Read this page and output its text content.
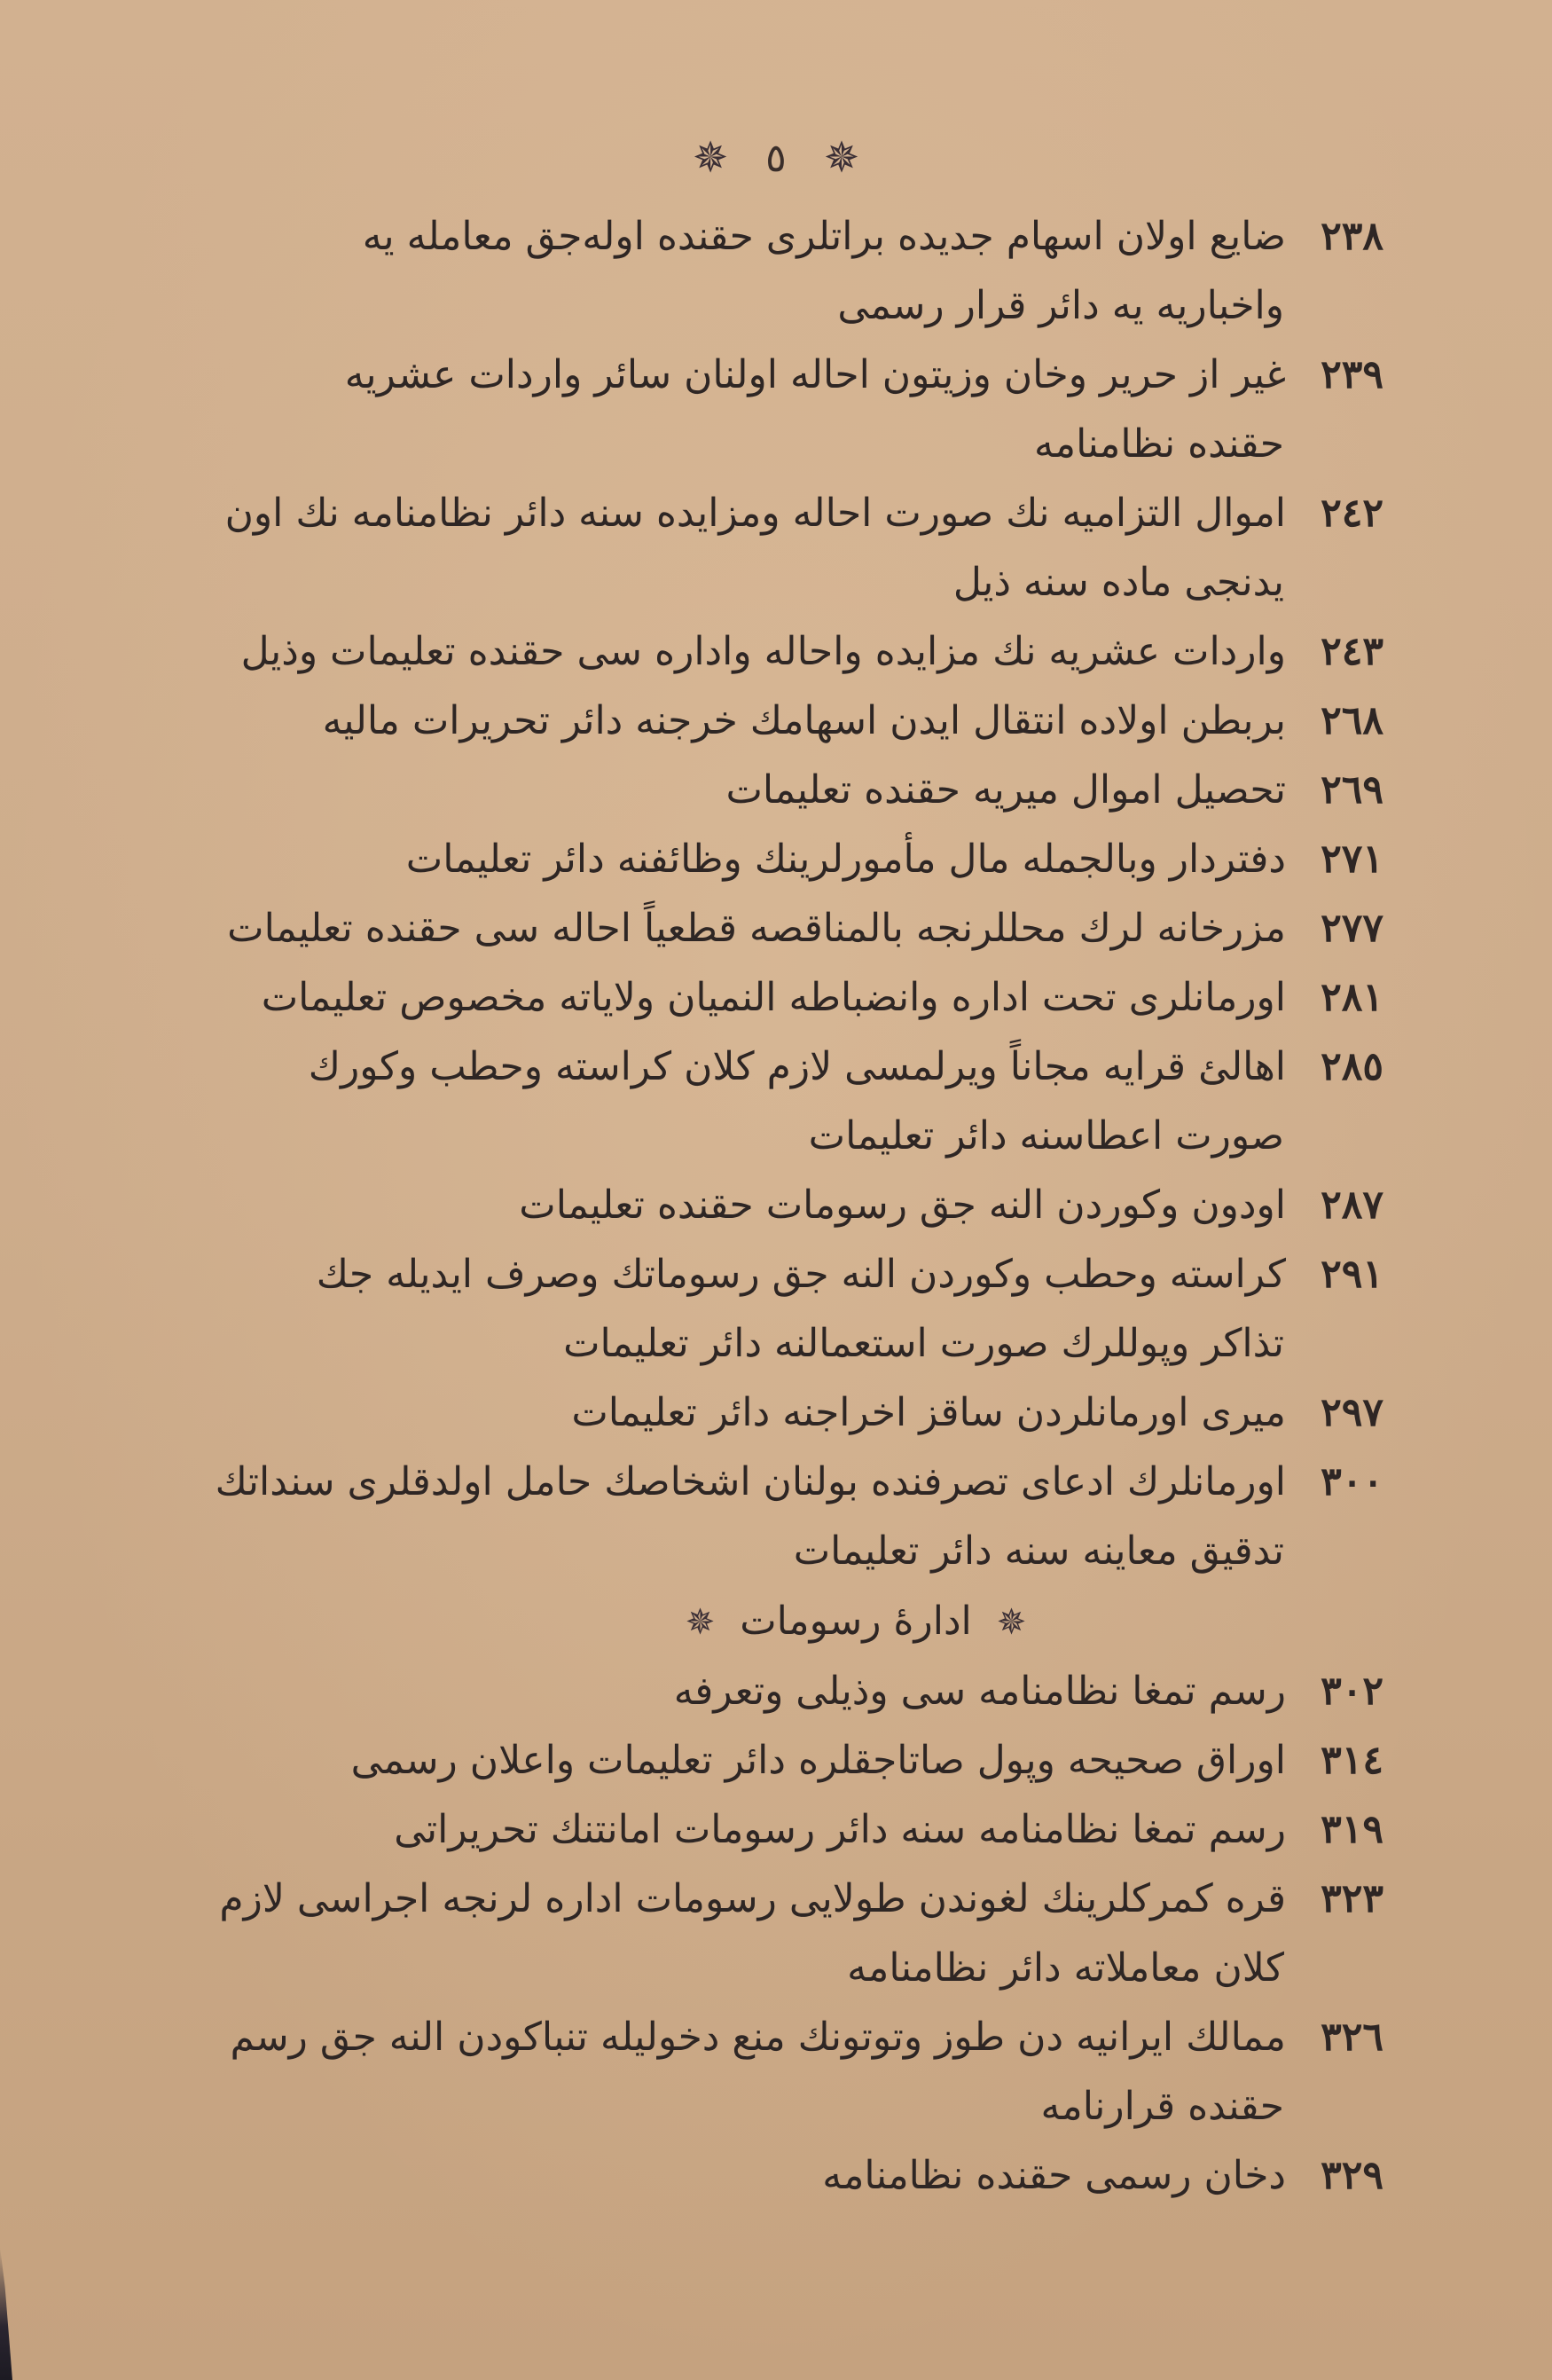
✵ ٥ ✵
٢٣٨ ضايع اولان اسهام جديده براتلرى حقنده اولەجق معامله يه
واخباريه يه دائر قرار رسمى
٢٣٩ غير از حرير وخان وزيتون احاله اولنان سائر واردات عشريه
حقنده نظامنامه
٢٤٢ اموال التزاميه نك صورت احاله ومزايده سنه دائر نظامنامه نك اون
يدنجى ماده سنه ذيل
٢٤٣ واردات عشريه نك مزايده واحاله واداره سى حقنده تعليمات وذيل
٢٦٨ بربطن اولاده انتقال ايدن اسهامك خرجنه دائر تحريرات ماليه
٢٦٩ تحصيل اموال ميريه حقنده تعليمات
٢٧١ دفتردار وبالجمله مال مأمورلرينك وظائفنه دائر تعليمات
٢٧٧ مزرخانه لرك محللرنجه بالمناقصه قطعياً احاله سى حقنده تعليمات
٢٨١ اورمانلرى تحت اداره وانضباطه النميان ولاياته مخصوص تعليمات
٢٨٥ اهالئ قرايه مجاناً ويرلمسى لازم كلان كراسته وحطب وكورك
صورت اعطاسنه دائر تعليمات
٢٨٧ اودون وكوردن النه جق رسومات حقنده تعليمات
٢٩١ كراسته وحطب وكوردن النه جق رسوماتك وصرف ايديله جك
تذاكر وپوللرك صورت استعمالنه دائر تعليمات
٢٩٧ ميرى اورمانلردن ساقز اخراجنه دائر تعليمات
٣٠٠ اورمانلرك ادعاى تصرفنده بولنان اشخاصك حامل اولدقلرى سنداتك
تدقيق معاينه سنه دائر تعليمات
✵ ادارهٔ رسومات ✵
٣٠٢ رسم تمغا نظامنامه سى وذيلى وتعرفه
٣١٤ اوراق صحيحه وپول صاتاجقلره دائر تعليمات واعلان رسمى
٣١٩ رسم تمغا نظامنامه سنه دائر رسومات امانتنك تحريراتى
٣٢٣ قره كمركلرينك لغوندن طولايى رسومات اداره لرنجه اجراسى لازم
كلان معاملاته دائر نظامنامه
٣٢٦ ممالك ايرانيه دن طوز وتوتونك منع دخوليله تنباكودن النه جق رسم
حقنده قرارنامه
٣٢٩ دخان رسمى حقنده نظامنامه
